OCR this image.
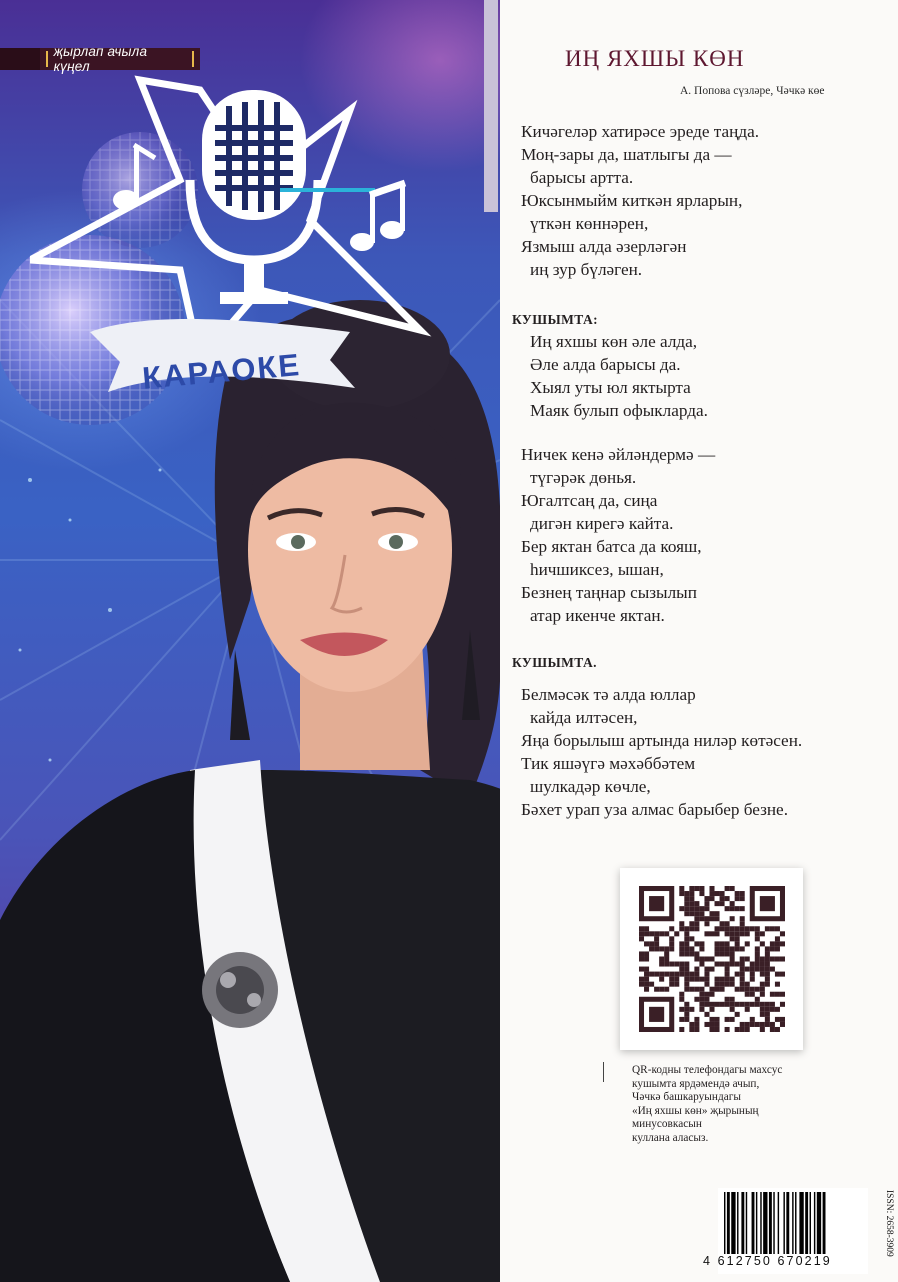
КАРАОКЕ
җырлап ачыла күңел	ИҢ ЯХШЫ КӨН
А. Попова сүзләре, Чәчкә көе
Кичәгеләр хатирәсе эреде таңда.
Моң-зары да, шатлыгы да —
барысы артта.
Юксынмыйм киткән ярларын,
үткән көннәрен,
Язмыш алда әзерләгән
иң зур бүләген.
КУШЫМТА:
Иң яхшы көн әле алда,
Әле алда барысы да.
Хыял уты юл яктырта
Маяк булып офыкларда.
Ничек кенә әйләндермә —
түгәрәк дөнья.
Югалтсаң да, сиңа
дигән кирегә кайта.
Бер яктан батса да кояш,
һичшиксез, ышан,
Безнең таңнар сызылып
атар икенче яктан.
КУШЫМТА.
Белмәсәк тә алда юллар
кайда илтәсен,
Яңа борылыш артында ниләр көтәсен.
Тик яшәүгә мәхәббәтем
шулкадәр көчле,
Бәхет урап уза алмас барыбер безне.
QR-кодны телефондагы махсус
кушымта ярдәмендә ачып,
Чәчкә башкаруындагы
«Иң яхшы көн» җырының
минусовкасын
куллана аласыз.
4 612750 670219
ISSN: 2658-3909
